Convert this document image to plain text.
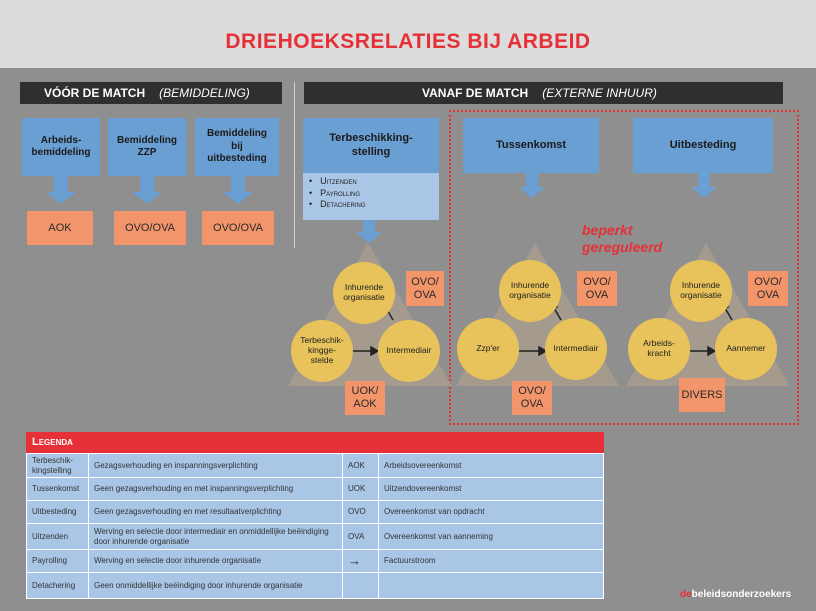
DRIEHOEKSRELATIES BIJ ARBEID
VÓÓR DE MATCH (BEMIDDELING)	VANAF DE MATCH (EXTERNE INHUUR)
Arbeids-
bemiddeling
Bemiddeling
ZZP
Bemiddeling
bij
uitbesteding
AOK	OVO/OVA	OVO/OVA
Terbeschikking-
stelling
• Uitzenden
• Payrolling
• Detachering
Tussenkomst	Uitbesteding
beperkt
gereguleerd
Inhurende
organisatie
Terbeschik-
kingge-
stelde
Intermediair
Inhurende
organisatie
Zzp'er	Intermediair
Inhurende
organisatie
Arbeids-
kracht	Aannemer
OVO/
OVA
UOK/
AOK
OVO/
OVA
OVO/
OVA
OVO/
OVA
DIVERS
Legenda
Terbeschik-
kingstelling	Gezagsverhouding en inspanningsverplichting	AOK	Arbeidsovereenkomst
Tussenkomst	Geen gezagsverhouding en met inspanningsverplichting	UOK	Uitzendovereenkomst
Uitbesteding	Geen gezagsverhouding en met resultaatverplichting	OVO	Overeenkomst van opdracht
Uitzenden	Werving en selectie door intermediair en onmiddellijke beëindiging door inhurende organisatie	OVA	Overeenkomst van aanneming
Payrolling	Werving en selectie door inhurende organisatie	→	Factuurstroom
Detachering	Geen onmiddellijke beëindiging door inhurende organisatie		
debeleidsonderzoekers
